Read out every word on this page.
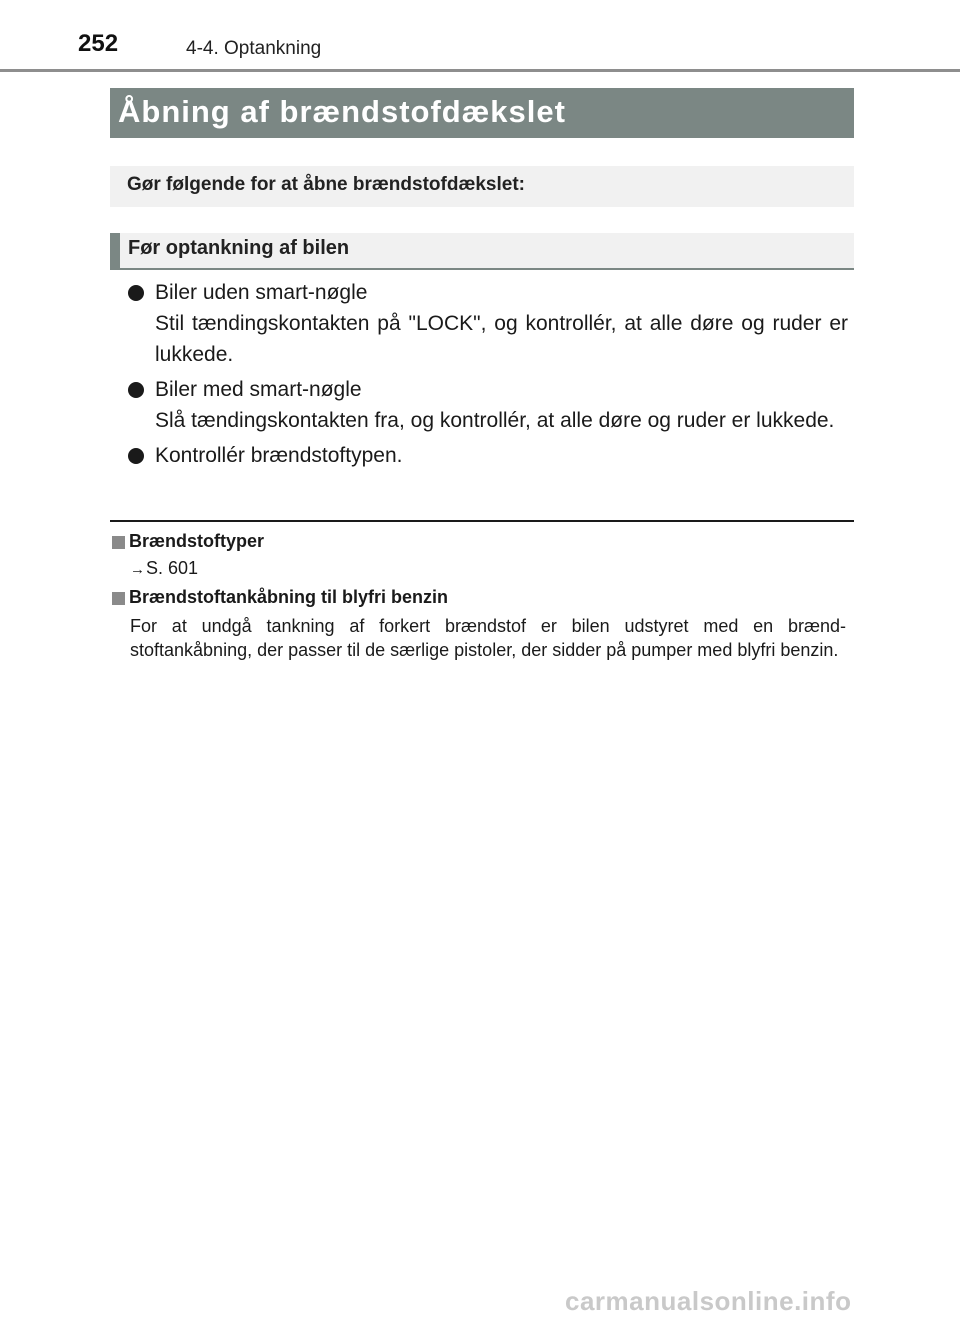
252	4-4. Optankning
Åbning af brændstofdækslet
Gør følgende for at åbne brændstofdækslet:
Før optankning af bilen
Biler uden smart-nøgle
Stil tændingskontakten på "LOCK", og kontrollér, at alle døre og ruder er lukkede.
Biler med smart-nøgle
Slå tændingskontakten fra, og kontrollér, at alle døre og ruder er lukkede.
Kontrollér brændstoftypen.
Brændstoftyper
→S. 601
Brændstoftankåbning til blyfri benzin
For at undgå tankning af forkert brændstof er bilen udstyret med en brænd-stoftankåbning, der passer til de særlige pistoler, der sidder på pumper med blyfri benzin.
carmanualsonline.info
